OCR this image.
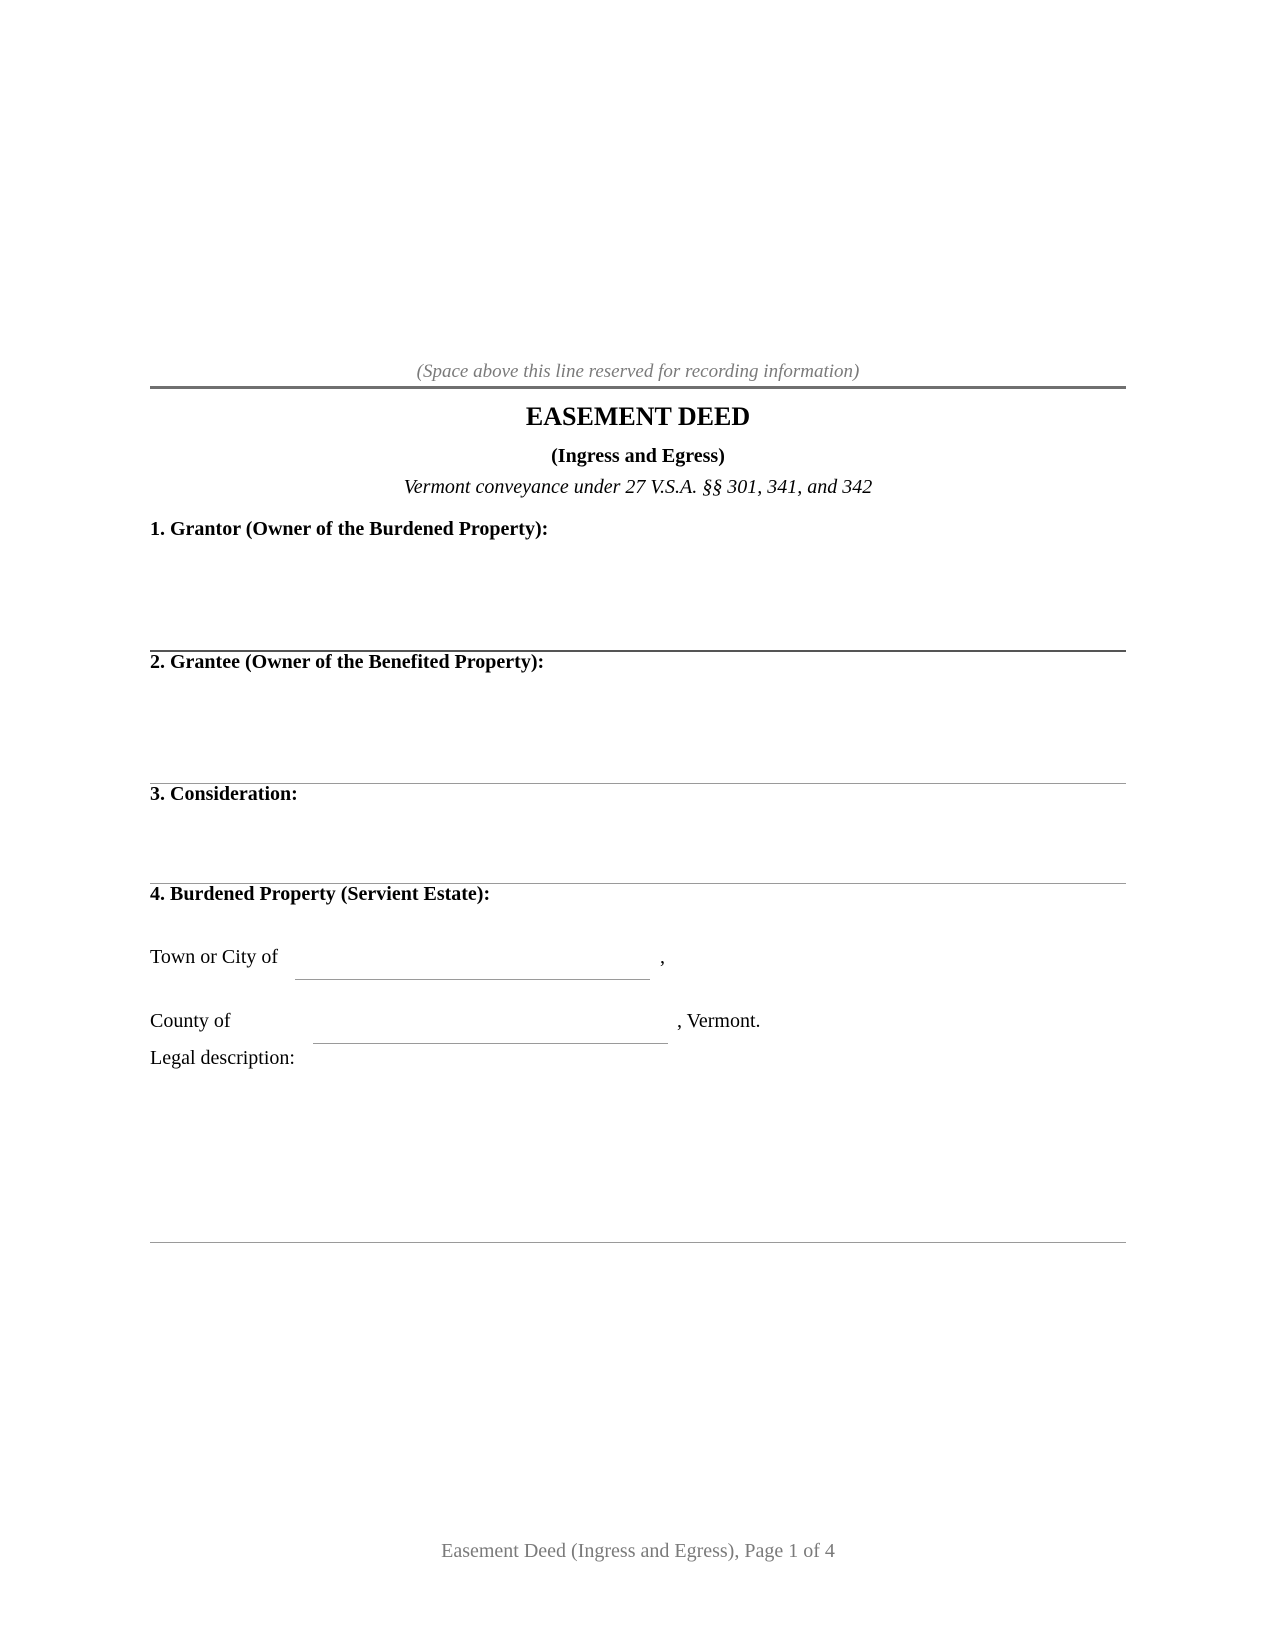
(Space above this line reserved for recording information)
EASEMENT DEED
(Ingress and Egress)
Vermont conveyance under 27 V.S.A. §§ 301, 341, and 342
1. Grantor (Owner of the Burdened Property):
2. Grantee (Owner of the Benefited Property):
3. Consideration:
4. Burdened Property (Servient Estate):
Town or City of	,
County of	, Vermont.
Legal description:
Easement Deed (Ingress and Egress), Page 1 of 4
